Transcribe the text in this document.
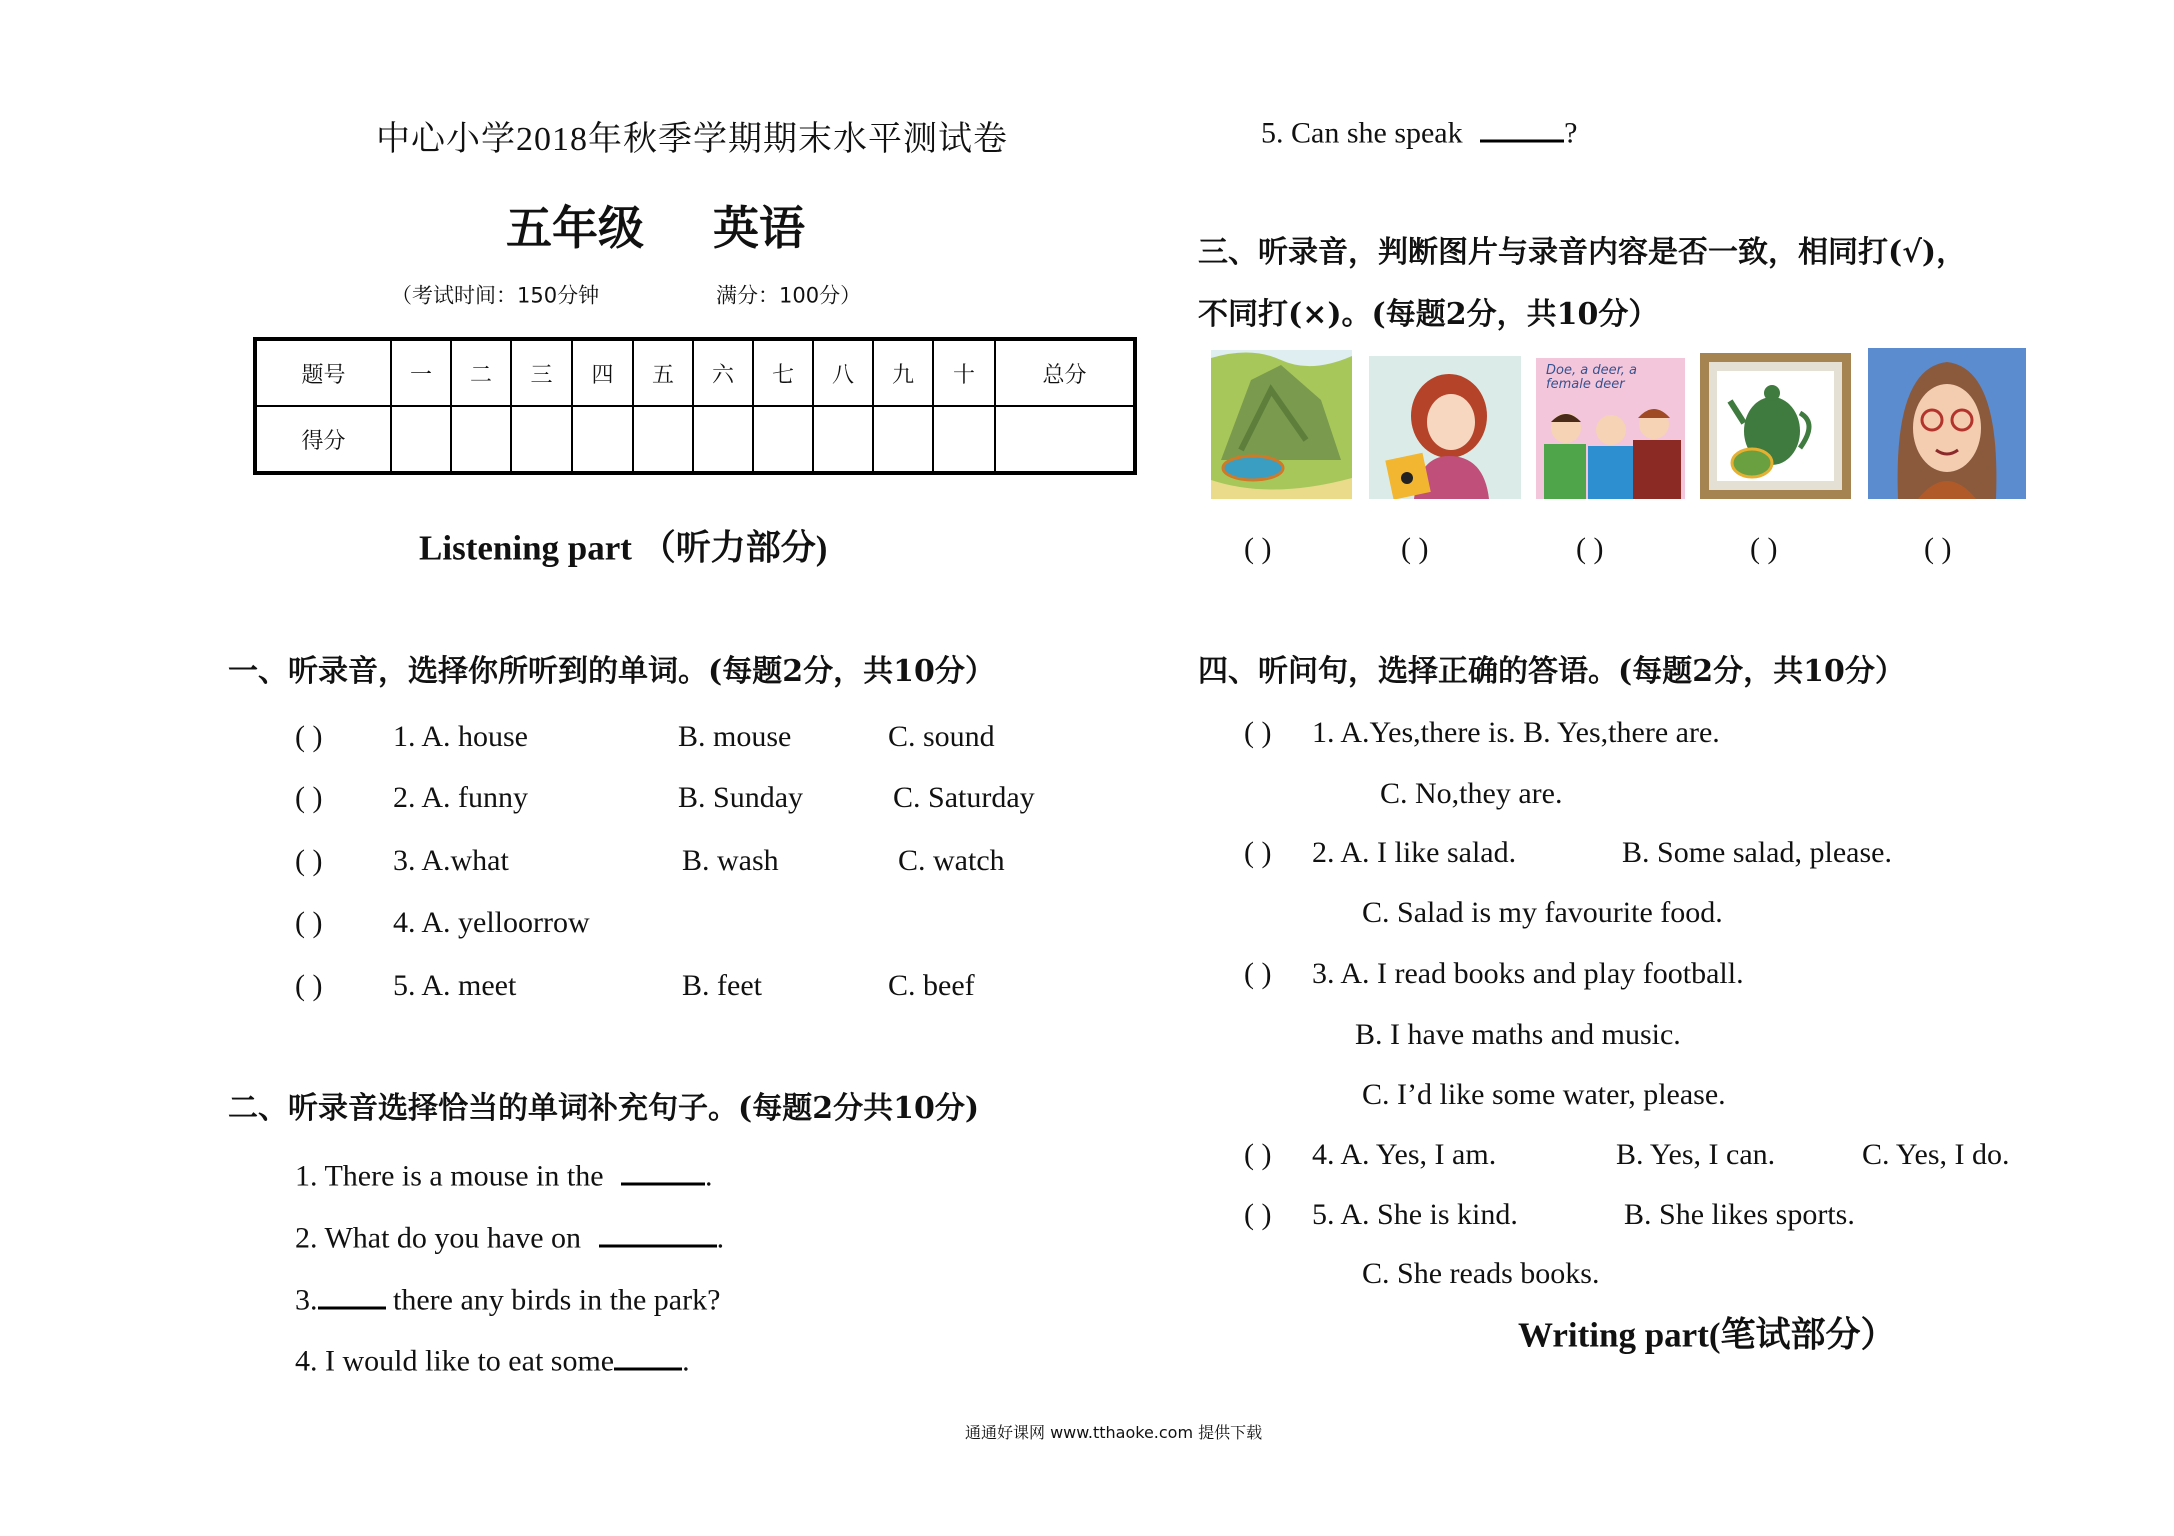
中心小学2018年秋季学期期末水平测试卷
五年级 英语
（考试时间：150分钟	满分：100分）
题号	一	二	三	四	五	六	七	八	九	十	总分
得分											
Listening part （听力部分)
一、听录音，选择你所听到的单词。(每题2分，共10分）
( ) 1. A. house	B. mouse	C. sound
( ) 2. A. funny	B. Sunday	C. Saturday
( ) 3. A.what	B. wash	C. watch
( ) 4. A. yelloorrow
( ) 5. A. meet	B. feet	C. beef
二、听录音选择恰当的单词补充句子。(每题2分共10分)
1. There is a mouse in the	.
2. What do you have on	.
3. there any birds in the park?
4. I would like to eat some .
5. Can she speak	?
三、听录音，判断图片与录音内容是否一致，相同打(√)，
不同打(×)。(每题2分，共10分）
Doe, a deer, a female deer
( )	( )	( )	( )	( )
四、听问句，选择正确的答语。(每题2分，共10分）
( ) 1. A.Yes,there is. B. Yes,there are.
C. No,they are.
( ) 2. A. I like salad.	B. Some salad, please.
C. Salad is my favourite food.
( ) 3. A. I read books and play football.
B. I have maths and music.
C. I’d like some water, please.
( ) 4. A. Yes, I am.	B. Yes, I can.	C. Yes, I do.
( ) 5. A. She is kind.	B. She likes sports.
C. She reads books.
Writing part(笔试部分）
通通好课网 www.tthaoke.com 提供下载
